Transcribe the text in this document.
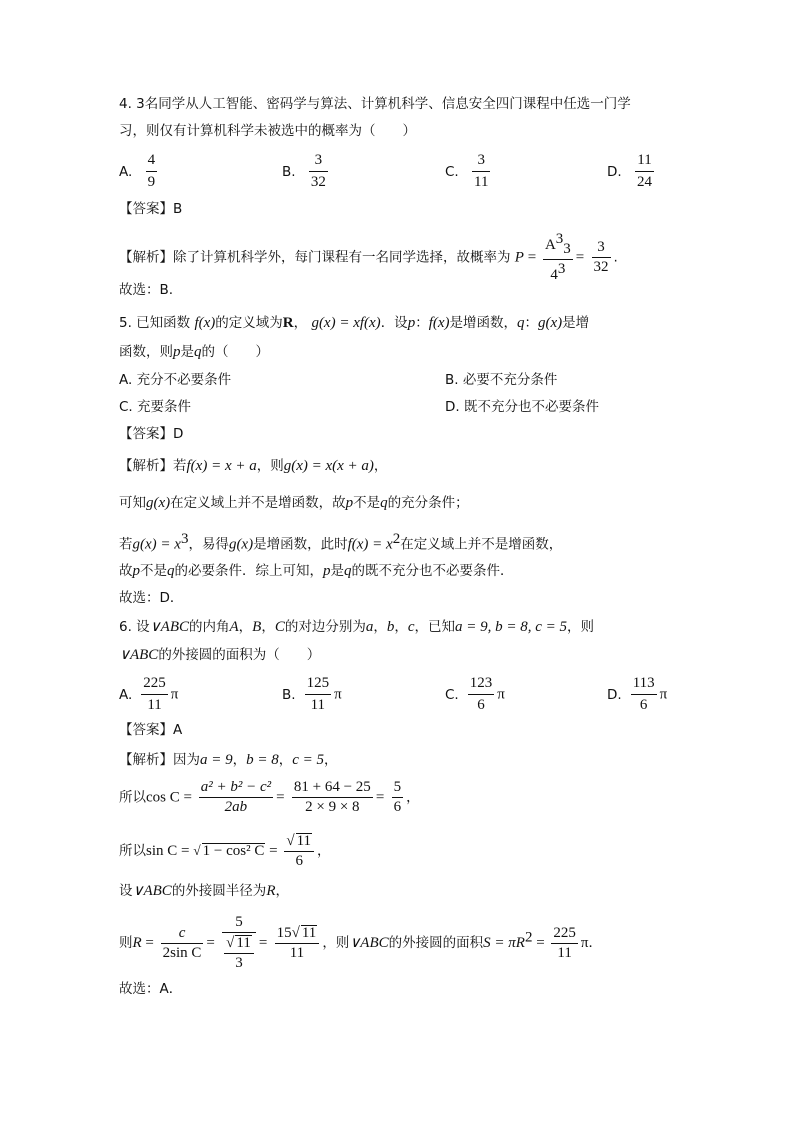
4. 3名同学从人工智能、密码学与算法、计算机科学、信息安全四门课程中任选一门学
习，则仅有计算机科学未被选中的概率为（　　）
A. $\frac{4}{9}$	B. $\frac{3}{32}$	C. $\frac{3}{11}$	D. $\frac{11}{24}$
【答案】B
【解析】除了计算机科学外，每门课程有一名同学选择，故概率为 $P = \frac{A^3_3}{4^3} = \frac{3}{32}$ .
故选：B.
5. 已知函数 f(x)的定义域为R， g(x) = xf(x)．设p：f(x)是增函数，q：g(x)是增
函数，则p是q的（　　）
A. 充分不必要条件	B. 必要不充分条件
C. 充要条件	D. 既不充分也不必要条件
【答案】D
【解析】若f(x) = x + a，则g(x) = x(x + a)，
可知g(x)在定义域上并不是增函数，故p不是q的充分条件；
若$g(x) = x^3$，易得g(x)是增函数，此时$f(x) = x^2$在定义域上并不是增函数，
故p不是q的必要条件．综上可知，p是q的既不充分也不必要条件．
故选：D．
6. 设∨ABC的内角A，B，C的对边分别为a，b，c，已知a = 9, b = 8, c = 5，则
∨ABC的外接圆的面积为（　　）
A. $\frac{225}{11}$ π	B. $\frac{125}{11}$ π	C. $\frac{123}{6}$ π	D. $\frac{113}{6}$ π
【答案】A
【解析】因为a = 9，b = 8，c = 5，
所以$\cos C = \frac{\text{a² + b² − c²}}{2ab} = \frac{81 + 64 - 25}{2 \times 9 \times 8} = \frac{5}{6}$ ，
所以sin C = √ 1 − cos² $C = \frac{√ 11}{6}$ ，
设∨ABC的外接圆半径为R，
则$R = \frac{c}{\text{2sin C}} = \frac{5}{\frac{√ 11}{3}} = \frac{15√ 11}{11}$ ，则∨ABC的外接圆的面积$S = \pi R^2 = \frac{225}{11}$ π．
故选：A．
